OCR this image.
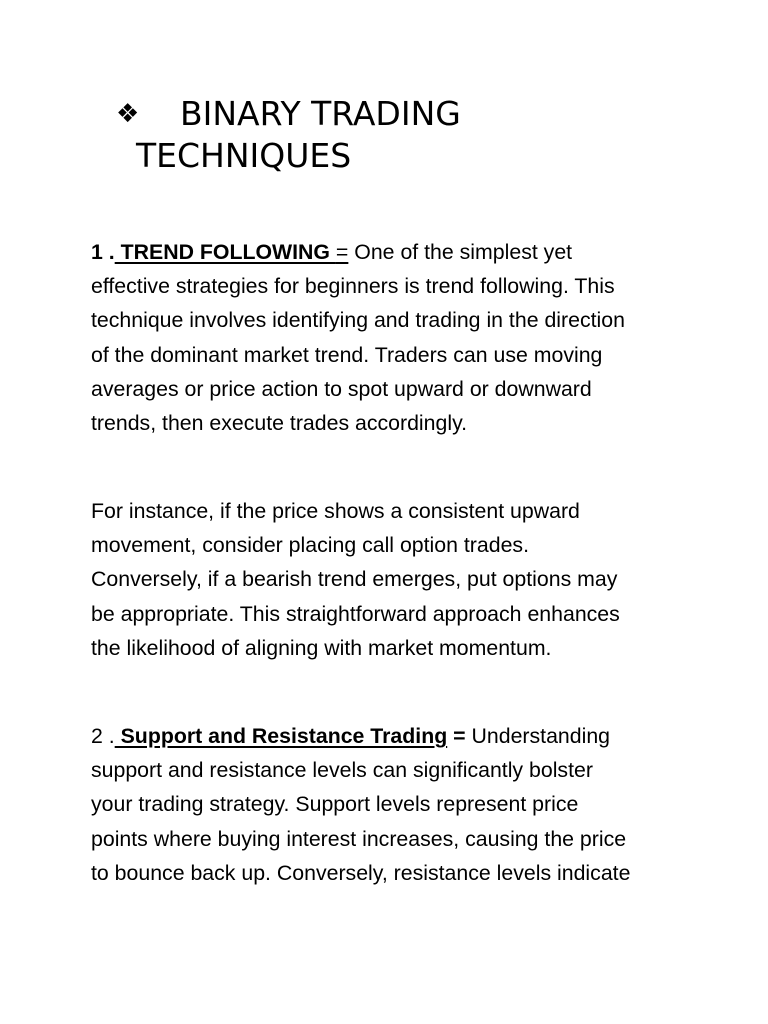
❖ BINARY TRADING
TECHNIQUES

1 . TREND FOLLOWING = One of the simplest yet
effective strategies for beginners is trend following. This
technique involves identifying and trading in the direction
of the dominant market trend. Traders can use moving
averages or price action to spot upward or downward
trends, then execute trades accordingly.

For instance, if the price shows a consistent upward
movement, consider placing call option trades.
Conversely, if a bearish trend emerges, put options may
be appropriate. This straightforward approach enhances
the likelihood of aligning with market momentum.

2 . Support and Resistance Trading = Understanding
support and resistance levels can significantly bolster
your trading strategy. Support levels represent price
points where buying interest increases, causing the price
to bounce back up. Conversely, resistance levels indicate
